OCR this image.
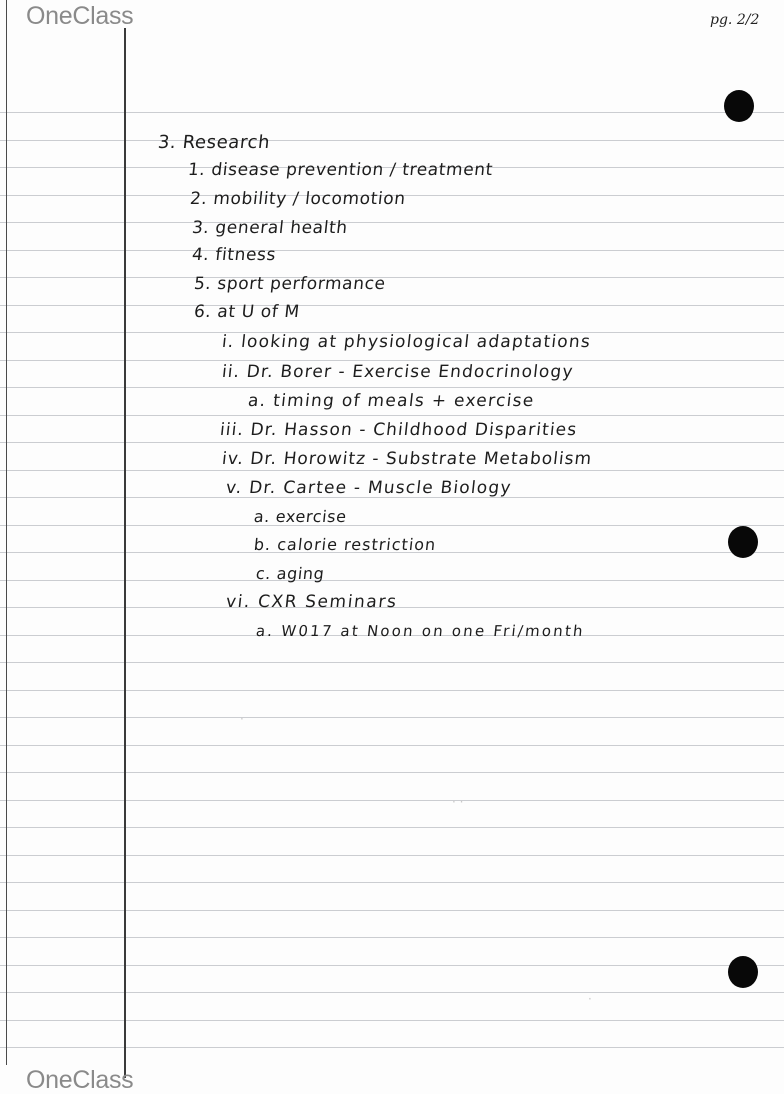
OneClass
OneClass
pg. 2/2
3. Research
1. disease prevention / treatment
2. mobility / locomotion
3. general health
4. fitness
5. sport performance
6. at U of M
i. looking at physiological adaptations
ii. Dr. Borer - Exercise Endocrinology
a. timing of meals + exercise
iii. Dr. Hasson - Childhood Disparities
iv. Dr. Horowitz - Substrate Metabolism
v. Dr. Cartee - Muscle Biology
a. exercise
b. calorie restriction
c. aging
vi. CXR Seminars
a. W017 at Noon on one Fri/month
·
· ·
·
